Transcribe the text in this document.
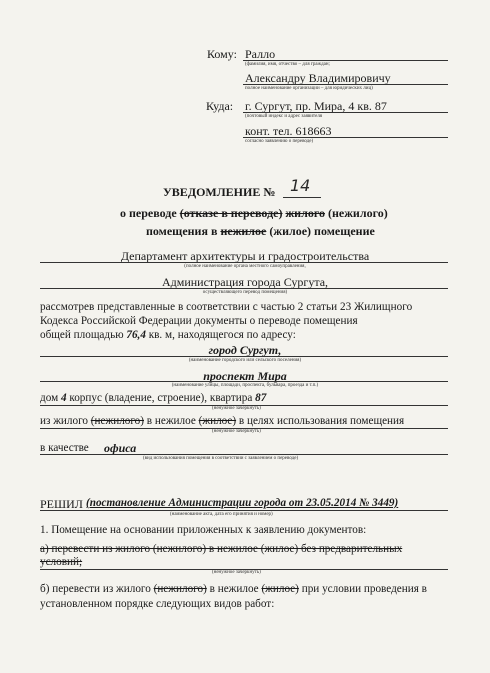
Кому: Ралло
(фамилия, имя, отчество – для граждан;
Александру Владимировичу
полное наименование организации – для юридических лиц)
Куда: г. Сургут, пр. Мира, 4 кв. 87
(почтовый индекс и адрес заявителя
конт. тел. 618663
согласно заявлению о переводе)
УВЕДОМЛЕНИЕ № 14
о переводе (отказе в переводе) жилого (нежилого)
помещения в нежилое (жилое) помещение
Департамент архитектуры и градостроительства
(полное наименование органа местного самоуправления,
Администрация города Сургута,
осуществляющего перевод помещения)
рассмотрев представленные в соответствии с частью 2 статьи 23 Жилищного
Кодекса Российской Федерации документы о переводе помещения
общей площадью 76,4 кв. м, находящегося по адресу:
город Сургут,
(наименование городского или сельского поселения)
проспект Мира
(наименование улицы, площади, проспекта, бульвара, проезда и т.п.)
дом 4 корпус (владение, строение), квартира 87
(ненужное зачеркнуть)
из жилого (нежилого) в нежилое (жилое) в целях использования помещения
(ненужное зачеркнуть)
в качестве офиса
(вид использования помещения в соответствии с заявлением о переводе)
РЕШИЛ (постановление Администрации города от 23.05.2014 № 3449)
(наименование акта, дата его принятия и номер)
1. Помещение на основании приложенных к заявлению документов:
а) перевести из жилого (нежилого) в нежилое (жилое) без предварительных
условий;
(ненужное зачеркнуть)
б) перевести из жилого (нежилого) в нежилое (жилое) при условии проведения в
установленном порядке следующих видов работ:
